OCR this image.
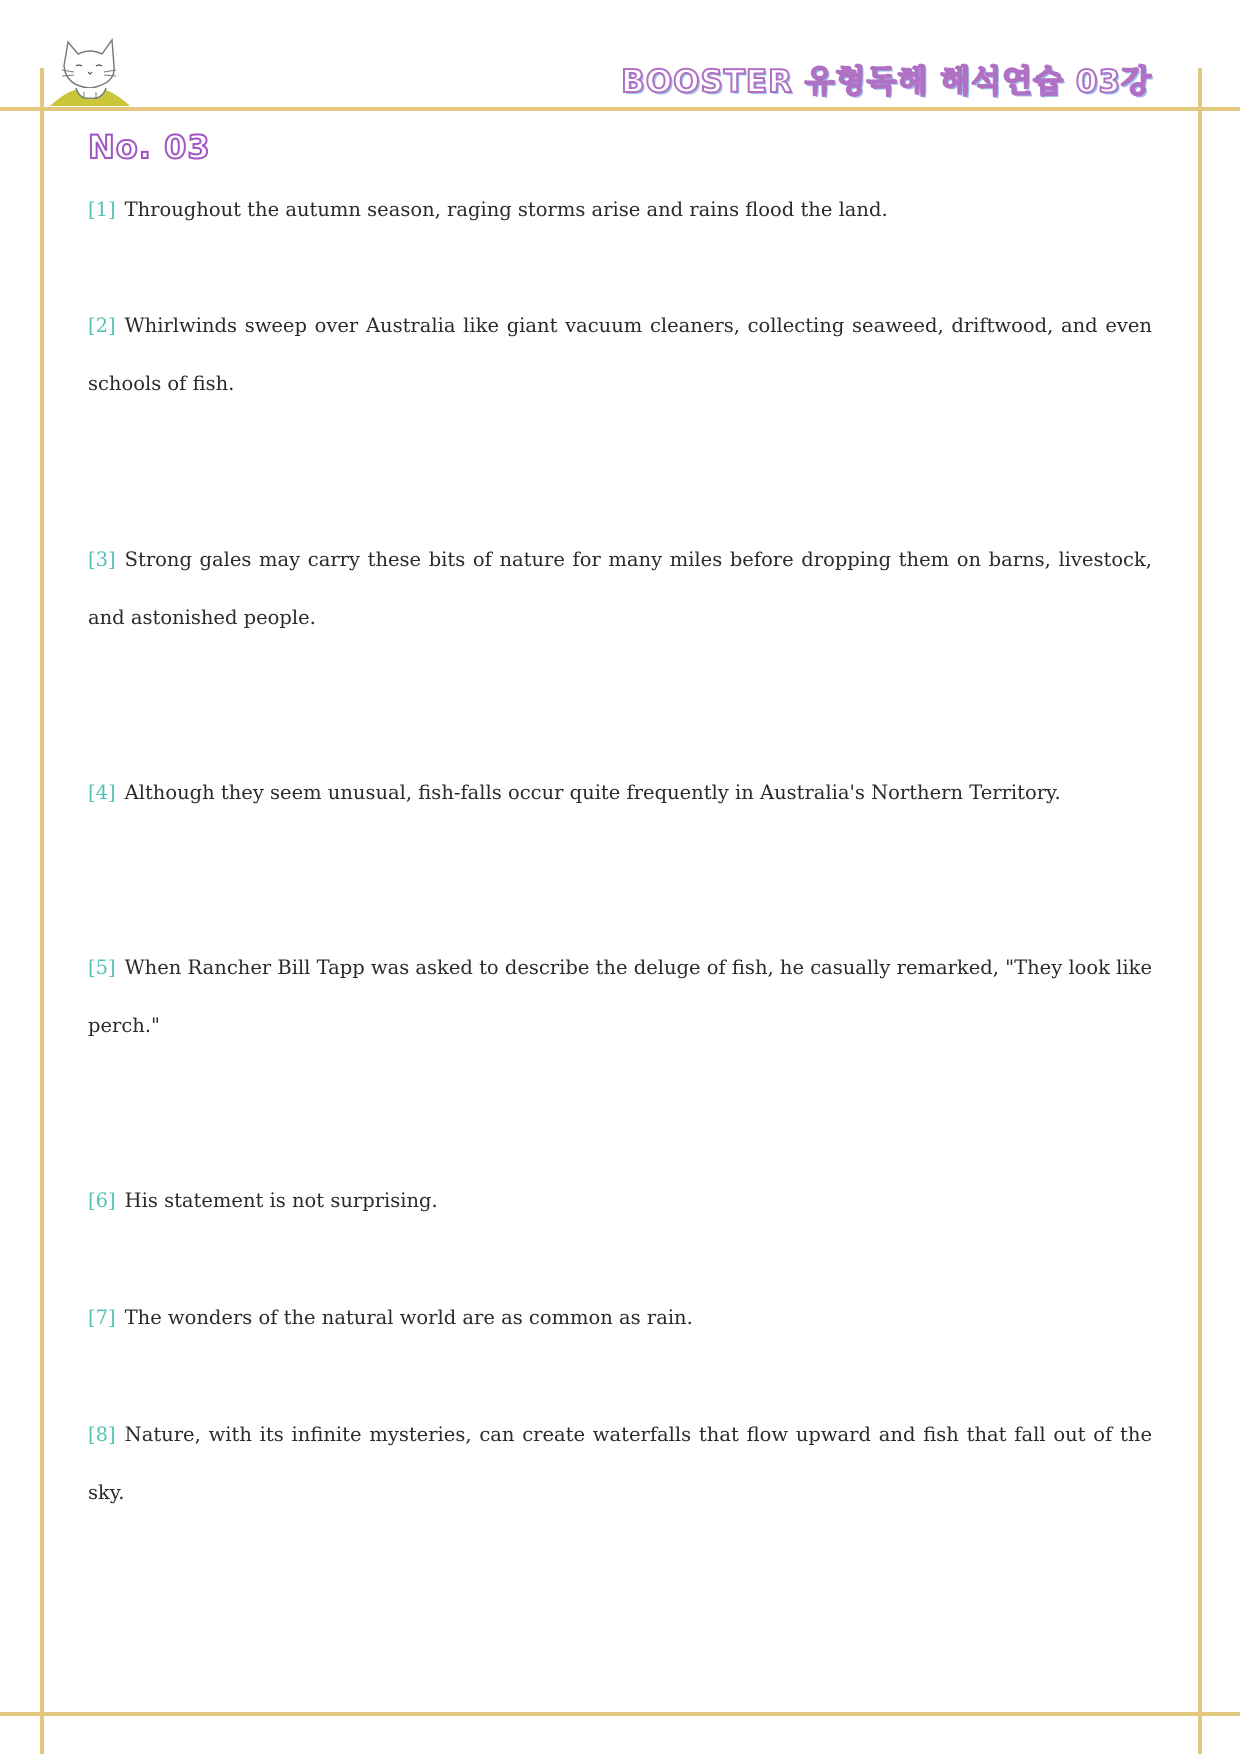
BOOSTER 유형독해 해석연습 03강
No. 03

[1] Throughout the autumn season, raging storms arise and rains flood the land.

[2] Whirlwinds sweep over Australia like giant vacuum cleaners, collecting seaweed, driftwood, and even schools of fish.

[3] Strong gales may carry these bits of nature for many miles before dropping them on barns, livestock, and astonished people.

[4] Although they seem unusual, fish-falls occur quite frequently in Australia's Northern Territory.

[5] When Rancher Bill Tapp was asked to describe the deluge of fish, he casually remarked, "They look like perch."

[6] His statement is not surprising.

[7] The wonders of the natural world are as common as rain.

[8] Nature, with its infinite mysteries, can create waterfalls that flow upward and fish that fall out of the sky.
